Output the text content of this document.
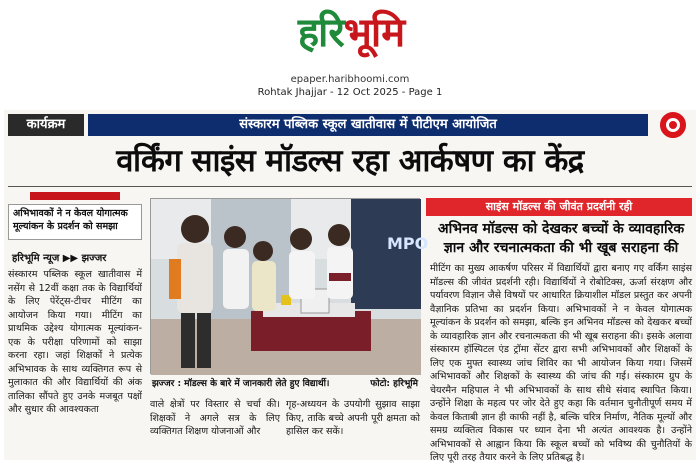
हरिभूमि
epaper.haribhoomi.com
Rohtak Jhajjar - 12 Oct 2025 - Page 1
कार्यक्रम	संस्कारम पब्लिक स्कूल खातीवास में पीटीएम आयोजित
वर्किंग साइंस मॉडल्स रहा आर्कषण का केंद्र
अभिभावकों ने न केवल योगात्मक मूल्यांकन के प्रदर्शन को समझा
हरिभूमि न्यूज ▶▶ झज्जर
संस्कारम पब्लिक स्कूल खातीवास में नसेंग से 12वीं कक्षा तक के विद्यार्थियों के लिए पेरेंट्स-टीचर मीटिंग का आयोजन किया गया। मीटिंग का प्राथमिक उद्देश्य योगात्मक मूल्यांकन-एक के परीक्षा परिणामों को साझा करना रहा। जहां शिक्षकों ने प्रत्येक अभिभावक के साथ व्यक्तिगत रूप से मुलाकात की और विद्यार्थियों की अंक तालिका सौंपते हुए उनके मजबूत पक्षों और सुधार की आवश्यकता
MPO
झज्जर : मॉडल्स के बारे में जानकारी लेते हुए विद्यार्थी।	फोटो: हरिभूमि
वाले क्षेत्रों पर विस्तार से चर्चा की। शिक्षकों ने अगले सत्र के लिए व्यक्तिगत शिक्षण योजनाओं और
गृह-अध्ययन के उपयोगी सुझाव साझा किए, ताकि बच्चे अपनी पूरी क्षमता को हासिल कर सकें।
साइंस मॉडल्स की जीवंत प्रदर्शनी रही
अभिनव मॉडल्स को देखकर बच्चों के व्यावहारिक ज्ञान और रचनात्मकता की भी खूब सराहना की
मीटिंग का मुख्य आकर्षण परिसर में विद्यार्थियों द्वारा बनाए गए वर्किंग साइंस मॉडल्स की जीवंत प्रदर्शनी रही। विद्यार्थियों ने रोबोटिक्स, ऊर्जा संरक्षण और पर्यावरण विज्ञान जैसे विषयों पर आधारित क्रियाशील मॉडल प्रस्तुत कर अपनी वैज्ञानिक प्रतिभा का प्रदर्शन किया। अभिभावकों ने न केवल योगात्मक मूल्यांकन के प्रदर्शन को समझा, बल्कि इन अभिनव मॉडल्स को देखकर बच्चों के व्यावहारिक ज्ञान और रचनात्मकता की भी खूब सराहना की। इसके अलावा संस्कारम हॉस्पिटल एंड ट्रॉमा सेंटर द्वारा सभी अभिभावकों और शिक्षकों के लिए एक मुफ्त स्वास्थ्य जांच शिविर का भी आयोजन किया गया। जिसमें अभिभावकों और शिक्षकों के स्वास्थ्य की जांच की गई। संस्कारम ग्रुप के चेयरमैन महिपाल ने भी अभिभावकों के साथ सीधे संवाद स्थापित किया। उन्होंने शिक्षा के महत्व पर जोर देते हुए कहा कि वर्तमान चुनौतीपूर्ण समय में केवल किताबी ज्ञान ही काफी नहीं है, बल्कि चरित्र निर्माण, नैतिक मूल्यों और समग्र व्यक्तित्व विकास पर ध्यान देना भी अत्यंत आवश्यक है। उन्होंने अभिभावकों से आह्वान किया कि स्कूल बच्चों को भविष्य की चुनौतियों के लिए पूरी तरह तैयार करने के लिए प्रतिबद्ध है।
